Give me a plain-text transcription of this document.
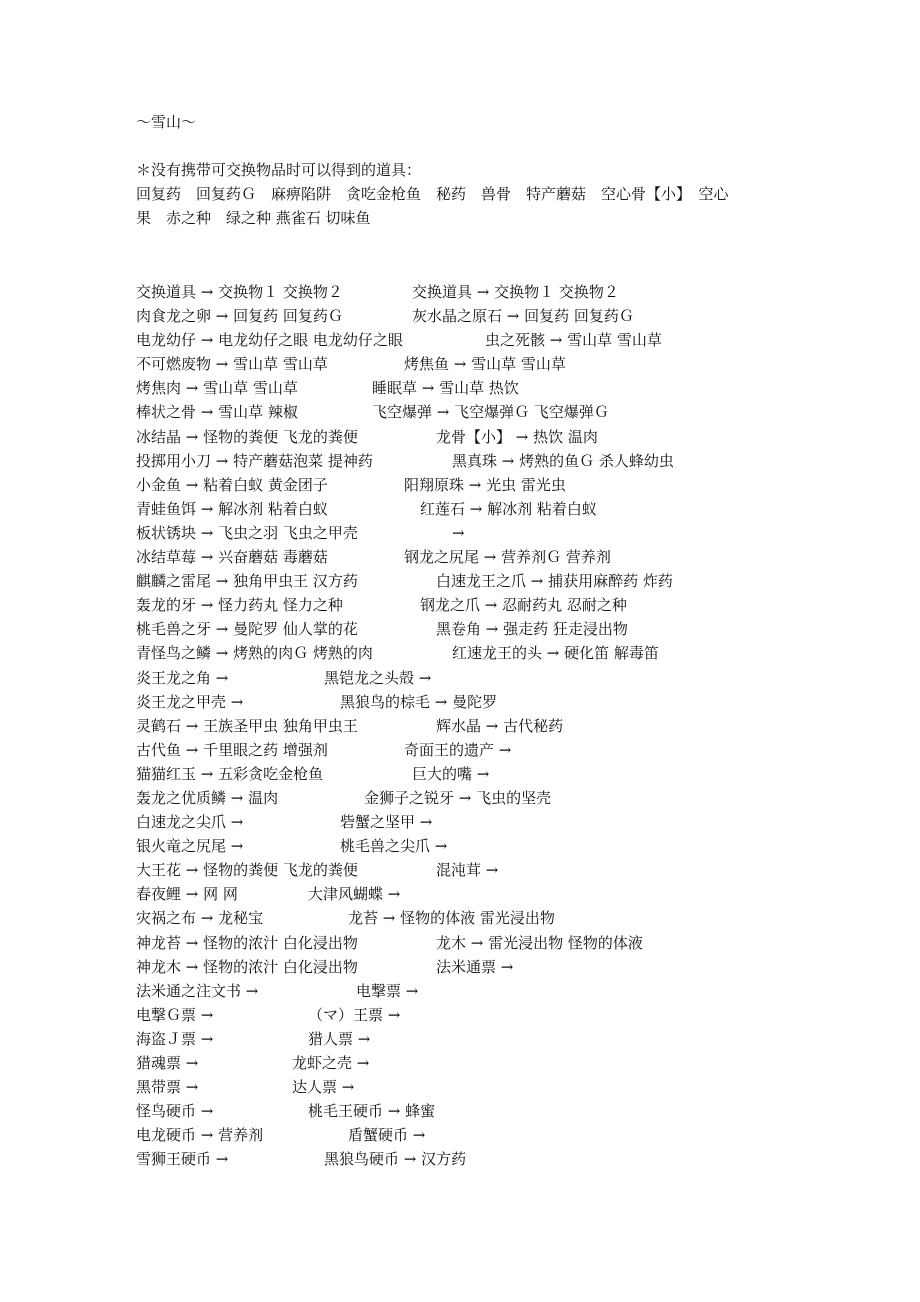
～雪山～
＊没有携带可交换物品时可以得到的道具：
回复药　回复药Ｇ　麻痹陷阱　贪吃金枪鱼　秘药　兽骨　特产蘑菇　空心骨【小】　空心
果　赤之种　绿之种 燕雀石 切味鱼
交换道具 → 交换物１ 交换物２	交换道具 → 交换物１ 交换物２
肉食龙之卵 → 回复药 回复药Ｇ	灰水晶之原石 → 回复药 回复药Ｇ
电龙幼仔 → 电龙幼仔之眼 电龙幼仔之眼	虫之死骸 → 雪山草 雪山草
不可燃废物 → 雪山草 雪山草	烤焦鱼 → 雪山草 雪山草
烤焦肉 → 雪山草 雪山草	睡眠草 → 雪山草 热饮
棒状之骨 → 雪山草 辣椒	飞空爆弹 → 飞空爆弹Ｇ 飞空爆弹Ｇ
冰结晶 → 怪物的粪便 飞龙的粪便	龙骨【小】 → 热饮 温肉
投掷用小刀 → 特产蘑菇泡菜 提神药	黑真珠 → 烤熟的鱼Ｇ 杀人蜂幼虫
小金鱼 → 粘着白蚁 黄金团子	阳翔原珠 → 光虫 雷光虫
青蛙鱼饵 → 解冰剂 粘着白蚁	红莲石 → 解冰剂 粘着白蚁
板状锈块 → 飞虫之羽 飞虫之甲壳	→
冰结草莓 → 兴奋蘑菇 毒蘑菇	钢龙之尻尾 → 营养剂Ｇ 营养剂
麒麟之雷尾 → 独角甲虫王 汉方药	白速龙王之爪 → 捕获用麻醉药 炸药
轰龙的牙 → 怪力药丸 怪力之种	钢龙之爪 → 忍耐药丸 忍耐之种
桃毛兽之牙 → 曼陀罗 仙人掌的花	黑卷角 → 强走药 狂走浸出物
青怪鸟之鳞 → 烤熟的肉Ｇ 烤熟的肉	红速龙王的头 → 硬化笛 解毒笛
炎王龙之角 →	黑铠龙之头殻 →
炎王龙之甲壳 →	黑狼鸟的棕毛 → 曼陀罗
灵鹤石 → 王族圣甲虫 独角甲虫王	辉水晶 → 古代秘药
古代鱼 → 千里眼之药 增强剂	奇面王的遗产 →
猫猫红玉 → 五彩贪吃金枪鱼	巨大的嘴 →
轰龙之优质鳞 → 温肉	金狮子之锐牙 → 飞虫的坚壳
白速龙之尖爪 →	砦蟹之坚甲 →
银火竜之尻尾 →	桃毛兽之尖爪 →
大王花 → 怪物的粪便 飞龙的粪便	混沌茸 →
春夜鲤 → 网 网	大津风蝴蝶 →
灾祸之布 → 龙秘宝	龙苔 → 怪物的体液 雷光浸出物
神龙苔 → 怪物的浓汁 白化浸出物	龙木 → 雷光浸出物 怪物的体液
神龙木 → 怪物的浓汁 白化浸出物	法米通票 →
法米通之注文书 →	电撃票 →
电撃Ｇ票 →	（マ）王票 →
海盗Ｊ票 →	猎人票 →
猎魂票 →	龙虾之壳 →
黑带票 →	达人票 →
怪鸟硬币 →	桃毛王硬币 → 蜂蜜
电龙硬币 → 营养剂	盾蟹硬币 →
雪狮王硬币 →	黑狼鸟硬币 → 汉方药
